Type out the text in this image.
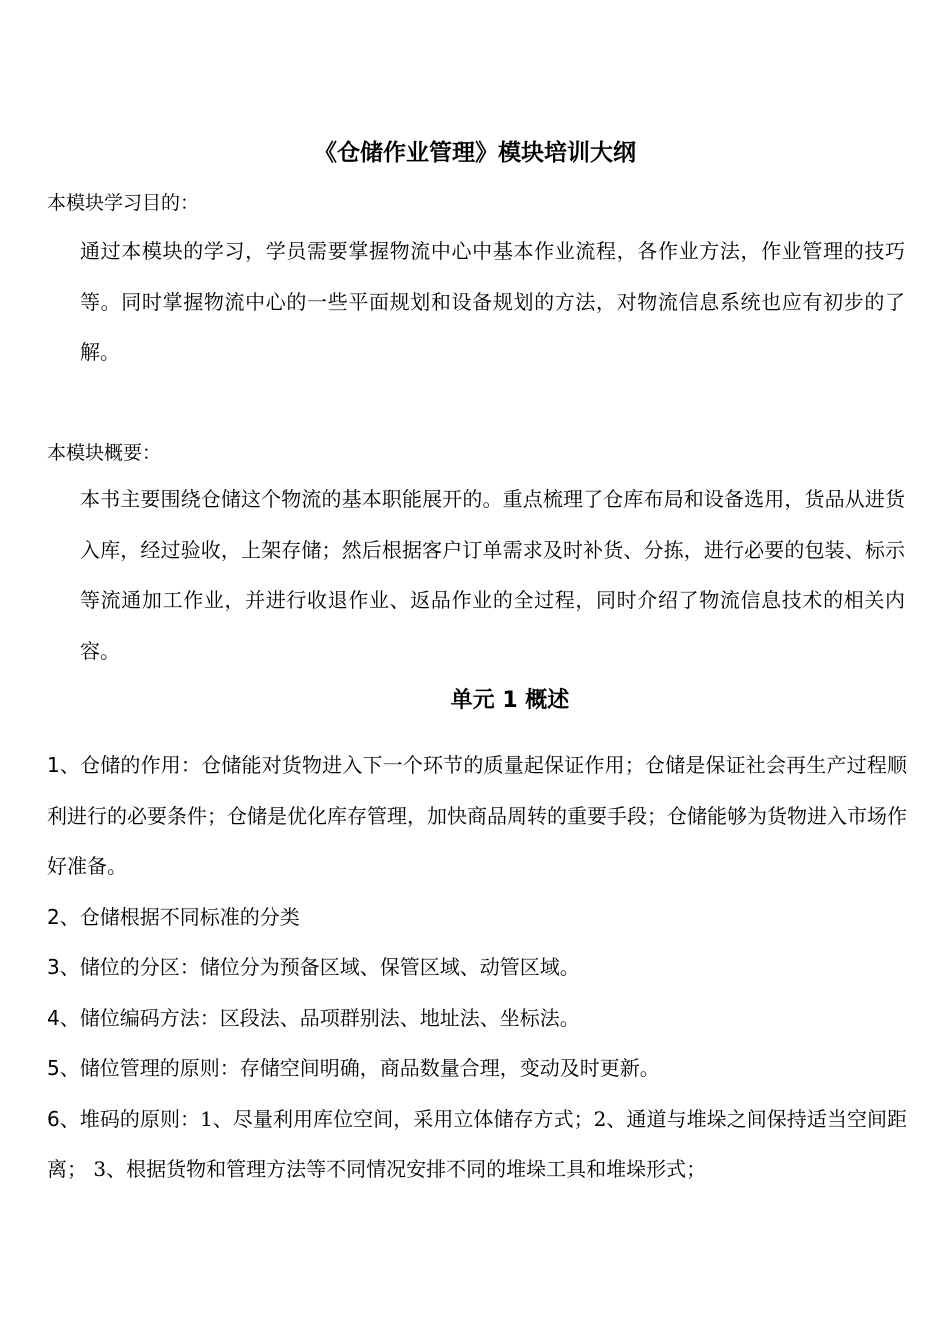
《仓储作业管理》模块培训大纲
本模块学习目的：
通过本模块的学习，学员需要掌握物流中心中基本作业流程，各作业方法，作业管理的技巧等。同时掌握物流中心的一些平面规划和设备规划的方法，对物流信息系统也应有初步的了解。
本模块概要：
本书主要围绕仓储这个物流的基本职能展开的。重点梳理了仓库布局和设备选用，货品从进货入库，经过验收，上架存储；然后根据客户订单需求及时补货、分拣，进行必要的包装、标示等流通加工作业，并进行收退作业、返品作业的全过程，同时介绍了物流信息技术的相关内容。
单元 1 概述
1、仓储的作用：仓储能对货物进入下一个环节的质量起保证作用；仓储是保证社会再生产过程顺利进行的必要条件；仓储是优化库存管理，加快商品周转的重要手段；仓储能够为货物进入市场作好准备。
2、仓储根据不同标准的分类
3、储位的分区：储位分为预备区域、保管区域、动管区域。
4、储位编码方法：区段法、品项群别法、地址法、坐标法。
5、储位管理的原则：存储空间明确，商品数量合理，变动及时更新。
6、堆码的原则：1、尽量利用库位空间，采用立体储存方式；2、通道与堆垛之间保持适当空间距离； 3、根据货物和管理方法等不同情况安排不同的堆垛工具和堆垛形式；
